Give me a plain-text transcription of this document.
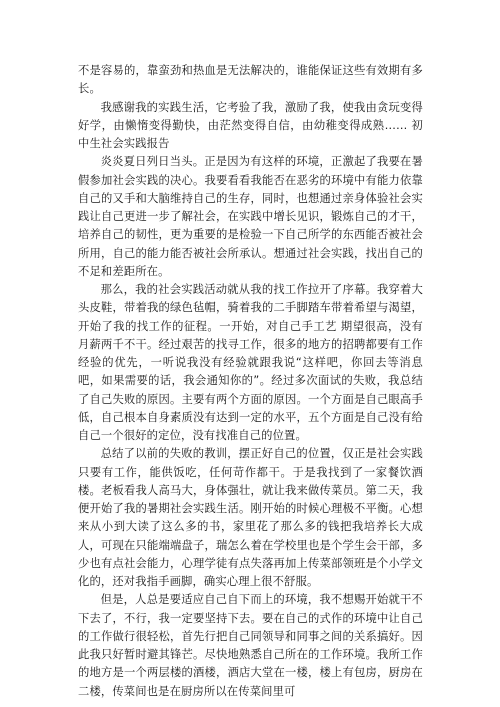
不是容易的，靠蛮劲和热血是无法解决的，谁能保证这些有效期有多长。

我感谢我的实践生活，它考验了我，激励了我，使我由贪玩变得好学，由懒惰变得勤快，由茫然变得自信，由幼稚变得成熟…… 初中生社会实践报告

炎炎夏日列日当头。正是因为有这样的环境，正激起了我要在暑假参加社会实践的决心。我要看看我能否在恶劣的环境中有能力依靠自己的又手和大脑维持自己的生存，同时，也想通过亲身体验社会实践让自己更进一步了解社会，在实践中增长见识，锻炼自己的才干，培养自己的韧性，更为重要的是检验一下自己所学的东西能否被社会所用，自己的能力能否被社会所承认。想通过社会实践，找出自己的不足和差距所在。

那么，我的社会实践活动就从我的找工作拉开了序幕。我穿着大头皮鞋，带着我的绿色毡帽，骑着我的二手脚踏车带着希望与渴望，开始了我的找工作的征程。一开始，对自己手工艺 期望很高，没有月薪两千不干。经过艰苦的找寻工作，很多的地方的招聘都要有工作经验的优先，一听说我没有经验就跟我说“这样吧，你回去等消息吧，如果需要的话，我会通知你的”。经过多次面试的失败，我总结了自己失败的原因。主要有两个方面的原因。一个方面是自己眼高手低，自己根本自身素质没有达到一定的水平，五个方面是自己没有给自己一个很好的定位，没有找准自己的位置。

总结了以前的失败的教训，摆正好自己的位置，仅正是社会实践只要有工作，能供饭吃，任何苛作都干。于是我找到了一家餐饮酒楼。老板看我人高马大，身体强壮，就让我来做传菜员。第二天，我便开始了我的暑期社会实践生活。刚开始的时候心理极不平衡。心想来从小到大读了这么多的书，家里花了那么多的钱把我培养长大成人，可现在只能端端盘子，瑞怎么着在学校里也是个学生会干部，多少也有点社会能力，心理学徒有点失落再加上传菜部领班是个小学文化的，还对我指手画脚，确实心理上很不舒服。

但是，人总是要适应自己自下而上的环境，我不想赐开始就干不下去了，不行，我一定要坚持下去。要在自己的式作的环境中让自己的工作做行很轻松，首先行把自己同领导和同事之间的关系搞好。因此我只好暂时避其锋芒。尽快地熟悉自己所在的工作环境。我所工作的地方是一个两层楼的酒楼，酒店大堂在一楼，楼上有包房，厨房在二楼，传菜间也是在厨房所以在传菜间里可
